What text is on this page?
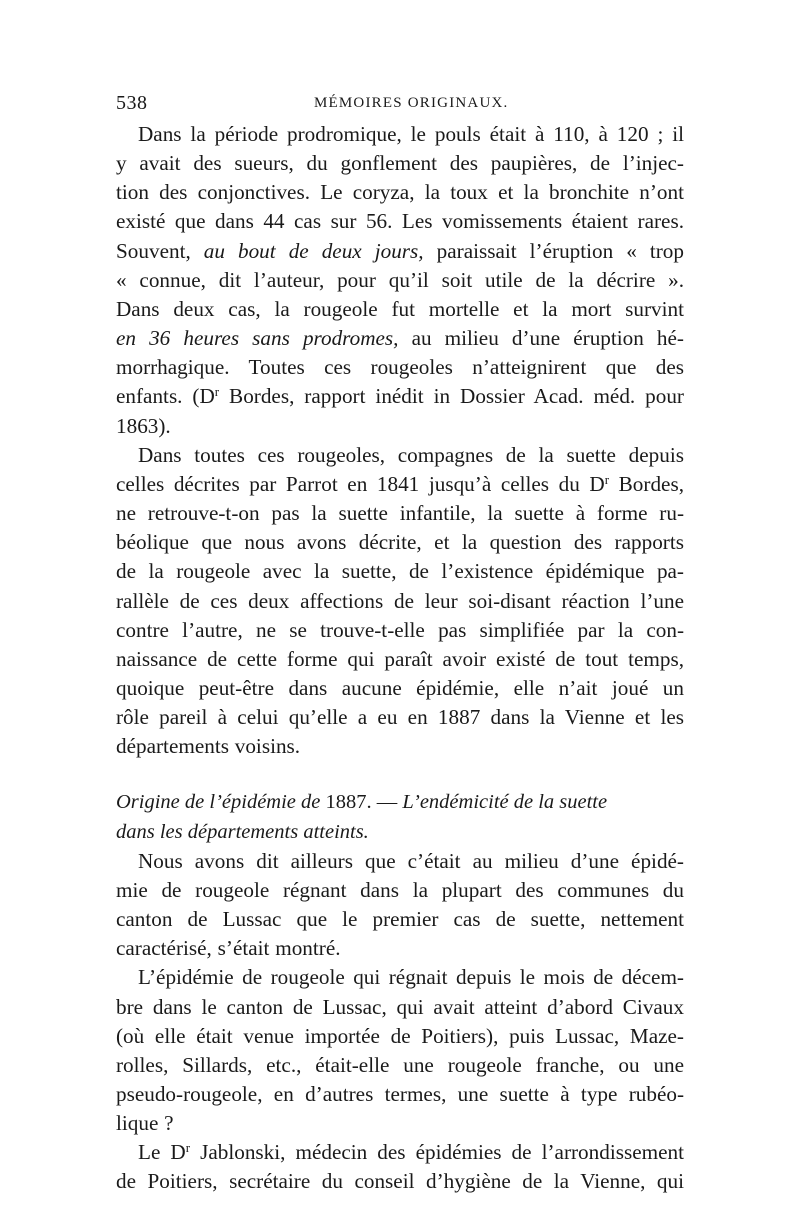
538	MÉMOIRES ORIGINAUX.
Dans la période prodromique, le pouls était à 110, à 120 ; il
y avait des sueurs, du gonflement des paupières, de l’injec-
tion des conjonctives. Le coryza, la toux et la bronchite n’ont
existé que dans 44 cas sur 56. Les vomissements étaient rares.
Souvent, au bout de deux jours, paraissait l’éruption « trop
« connue, dit l’auteur, pour qu’il soit utile de la décrire ».
Dans deux cas, la rougeole fut mortelle et la mort survint
en 36 heures sans prodromes, au milieu d’une éruption hé-
morrhagique. Toutes ces rougeoles n’atteignirent que des
enfants. ($D^r$ Bordes, rapport inédit in Dossier Acad. méd. pour
1863).
Dans toutes ces rougeoles, compagnes de la suette depuis
celles décrites par Parrot en 1841 jusqu’à celles du $D^r$ Bordes,
ne retrouve-t-on pas la suette infantile, la suette à forme ru-
béolique que nous avons décrite, et la question des rapports
de la rougeole avec la suette, de l’existence épidémique pa-
rallèle de ces deux affections de leur soi-disant réaction l’une
contre l’autre, ne se trouve-t-elle pas simplifiée par la con-
naissance de cette forme qui paraît avoir existé de tout temps,
quoique peut-être dans aucune épidémie, elle n’ait joué un
rôle pareil à celui qu’elle a eu en 1887 dans la Vienne et les
départements voisins.
Origine de l’épidémie de 1887. — L’endémicité de la suette
dans les départements atteints.
Nous avons dit ailleurs que c’était au milieu d’une épidé-
mie de rougeole régnant dans la plupart des communes du
canton de Lussac que le premier cas de suette, nettement
caractérisé, s’était montré.
L’épidémie de rougeole qui régnait depuis le mois de décem-
bre dans le canton de Lussac, qui avait atteint d’abord Civaux
(où elle était venue importée de Poitiers), puis Lussac, Maze-
rolles, Sillards, etc., était-elle une rougeole franche, ou une
pseudo-rougeole, en d’autres termes, une suette à type rubéo-
lique ?
Le $D^r$ Jablonski, médecin des épidémies de l’arrondissement
de Poitiers, secrétaire du conseil d’hygiène de la Vienne, qui
